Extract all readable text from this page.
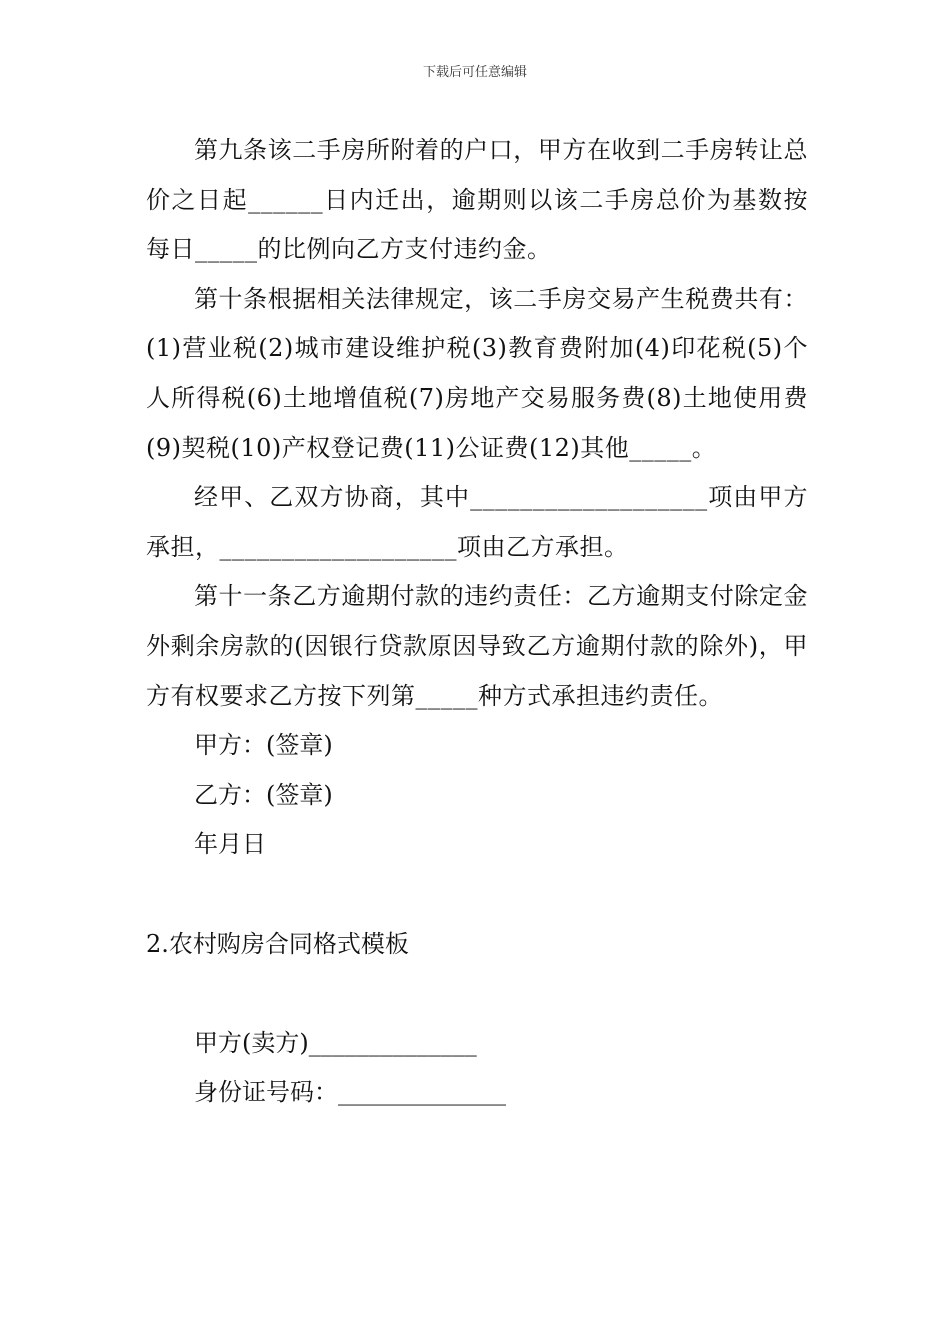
下载后可任意编辑

第九条该二手房所附着的户口，甲方在收到二手房转让总价之日起______日内迁出，逾期则以该二手房总价为基数按每日_____的比例向乙方支付违约金。

第十条根据相关法律规定，该二手房交易产生税费共有：(1)营业税(2)城市建设维护税(3)教育费附加(4)印花税(5)个人所得税(6)土地增值税(7)房地产交易服务费(8)土地使用费(9)契税(10)产权登记费(11)公证费(12)其他_____。

经甲、乙双方协商，其中___________________项由甲方承担，___________________项由乙方承担。

第十一条乙方逾期付款的违约责任：乙方逾期支付除定金外剩余房款的(因银行贷款原因导致乙方逾期付款的除外)，甲方有权要求乙方按下列第_____种方式承担违约责任。

甲方：(签章)

乙方：(签章)

年月日

2.农村购房合同格式模板

甲方(卖方)______________

身份证号码：______________
